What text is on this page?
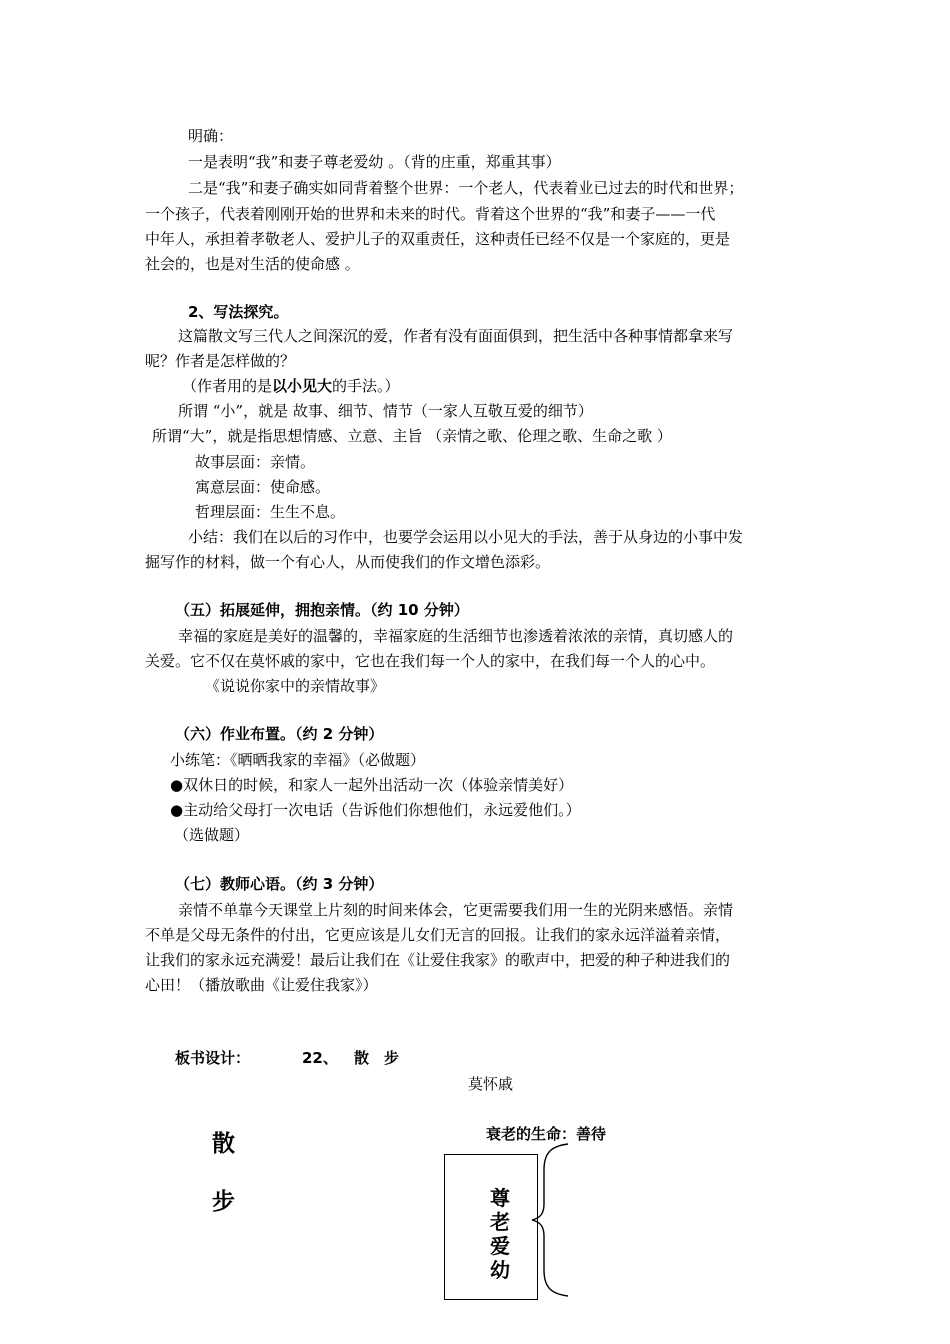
明确：
一是表明“我”和妻子尊老爱幼 。（背的庄重，郑重其事）
二是“我”和妻子确实如同背着整个世界：一个老人，代表着业已过去的时代和世界；
一个孩子，代表着刚刚开始的世界和未来的时代。背着这个世界的“我”和妻子——一代
中年人，承担着孝敬老人、爱护儿子的双重责任，这种责任已经不仅是一个家庭的，更是
社会的，也是对生活的使命感 。
2、写法探究。
这篇散文写三代人之间深沉的爱，作者有没有面面俱到，把生活中各种事情都拿来写
呢？作者是怎样做的？
（作者用的是以小见大的手法。）
所谓 “小”，就是 故事、细节、情节（一家人互敬互爱的细节）
所谓“大”，就是指思想情感、立意、主旨 （亲情之歌、伦理之歌、生命之歌 ）
故事层面：亲情。
寓意层面：使命感。
哲理层面：生生不息。
小结：我们在以后的习作中，也要学会运用以小见大的手法，善于从身边的小事中发
掘写作的材料，做一个有心人，从而使我们的作文增色添彩。
（五）拓展延伸，拥抱亲情。（约 10 分钟）
幸福的家庭是美好的温馨的，幸福家庭的生活细节也渗透着浓浓的亲情，真切感人的
关爱。它不仅在莫怀戚的家中，它也在我们每一个人的家中，在我们每一个人的心中。
《说说你家中的亲情故事》
（六）作业布置。（约 2 分钟）
小练笔：《晒晒我家的幸福》（必做题）
●双休日的时候，和家人一起外出活动一次（体验亲情美好）
●主动给父母打一次电话（告诉他们你想他们，永远爱他们。）
（选做题）
（七）教师心语。（约 3 分钟）
亲情不单靠今天课堂上片刻的时间来体会，它更需要我们用一生的光阴来感悟。亲情
不单是父母无条件的付出，它更应该是儿女们无言的回报。让我们的家永远洋溢着亲情，
让我们的家永远充满爱！最后让我们在《让爱住我家》的歌声中，把爱的种子种进我们的
心田！（播放歌曲《让爱住我家》）
板书设计：	22、 散　步
莫怀戚
散
步
衰老的生命：善待
尊
老
爱
幼
